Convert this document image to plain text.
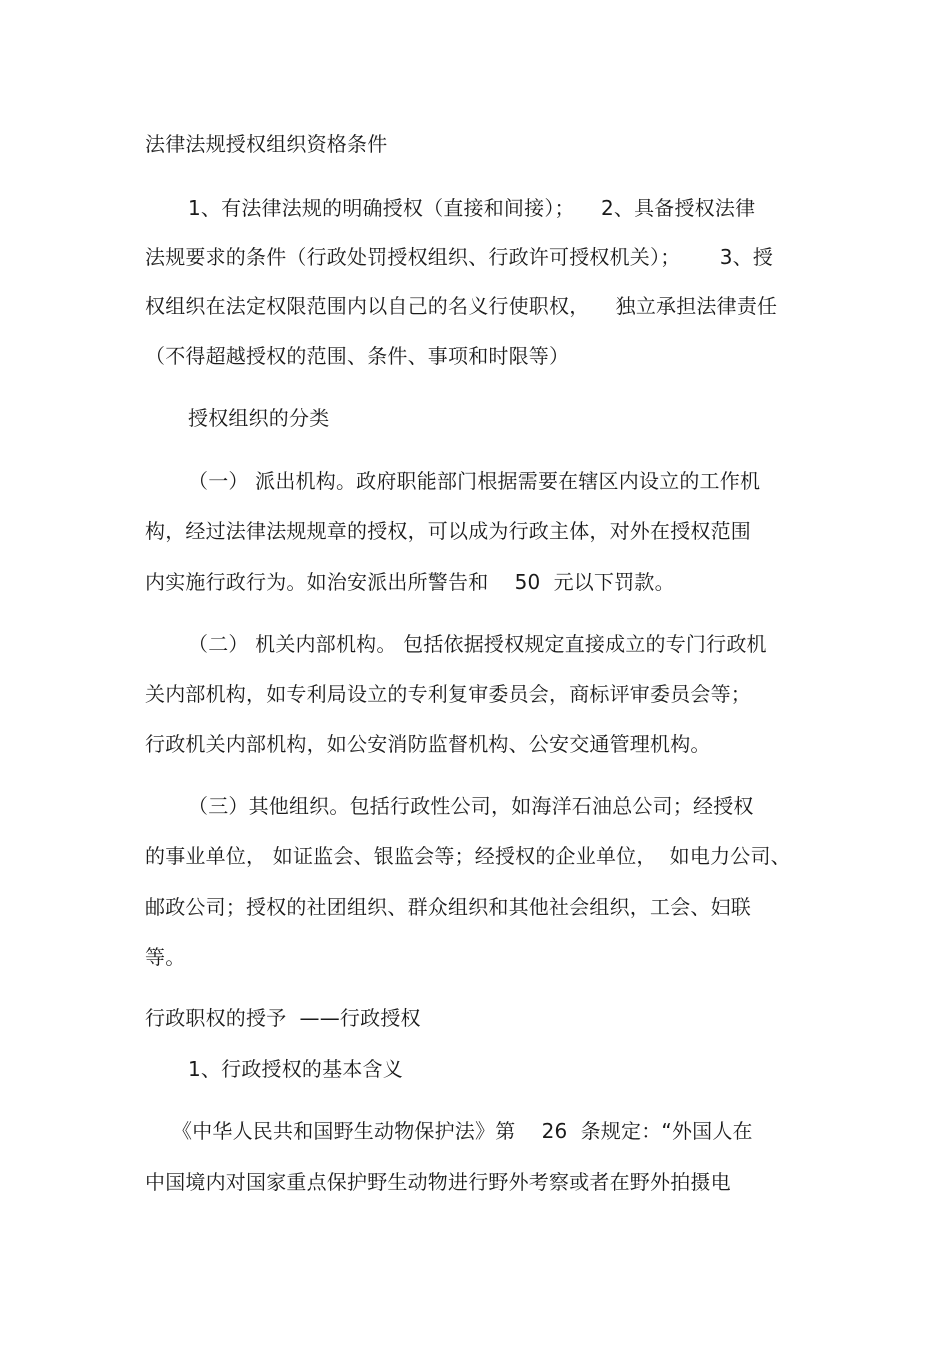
法律法规授权组织资格条件
1、有法律法规的明确授权（直接和间接）；    2、具备授权法律
法规要求的条件（行政处罚授权组织、行政许可授权机关）；      3、授
权组织在法定权限范围内以自己的名义行使职权，    独立承担法律责任
（不得超越授权的范围、条件、事项和时限等）
授权组织的分类
（一） 派出机构。政府职能部门根据需要在辖区内设立的工作机
构，经过法律法规规章的授权，可以成为行政主体，对外在授权范围
内实施行政行为。如治安派出所警告和    50  元以下罚款。
（二） 机关内部机构。 包括依据授权规定直接成立的专门行政机
关内部机构，如专利局设立的专利复审委员会，商标评审委员会等；
行政机关内部机构，如公安消防监督机构、公安交通管理机构。
（三）其他组织。包括行政性公司，如海洋石油总公司；经授权
的事业单位， 如证监会、银监会等；经授权的企业单位，  如电力公司、
邮政公司；授权的社团组织、群众组织和其他社会组织，工会、妇联
等。
行政职权的授予  ——行政授权
1、行政授权的基本含义
《中华人民共和国野生动物保护法》第    26  条规定：“外国人在
中国境内对国家重点保护野生动物进行野外考察或者在野外拍摄电
